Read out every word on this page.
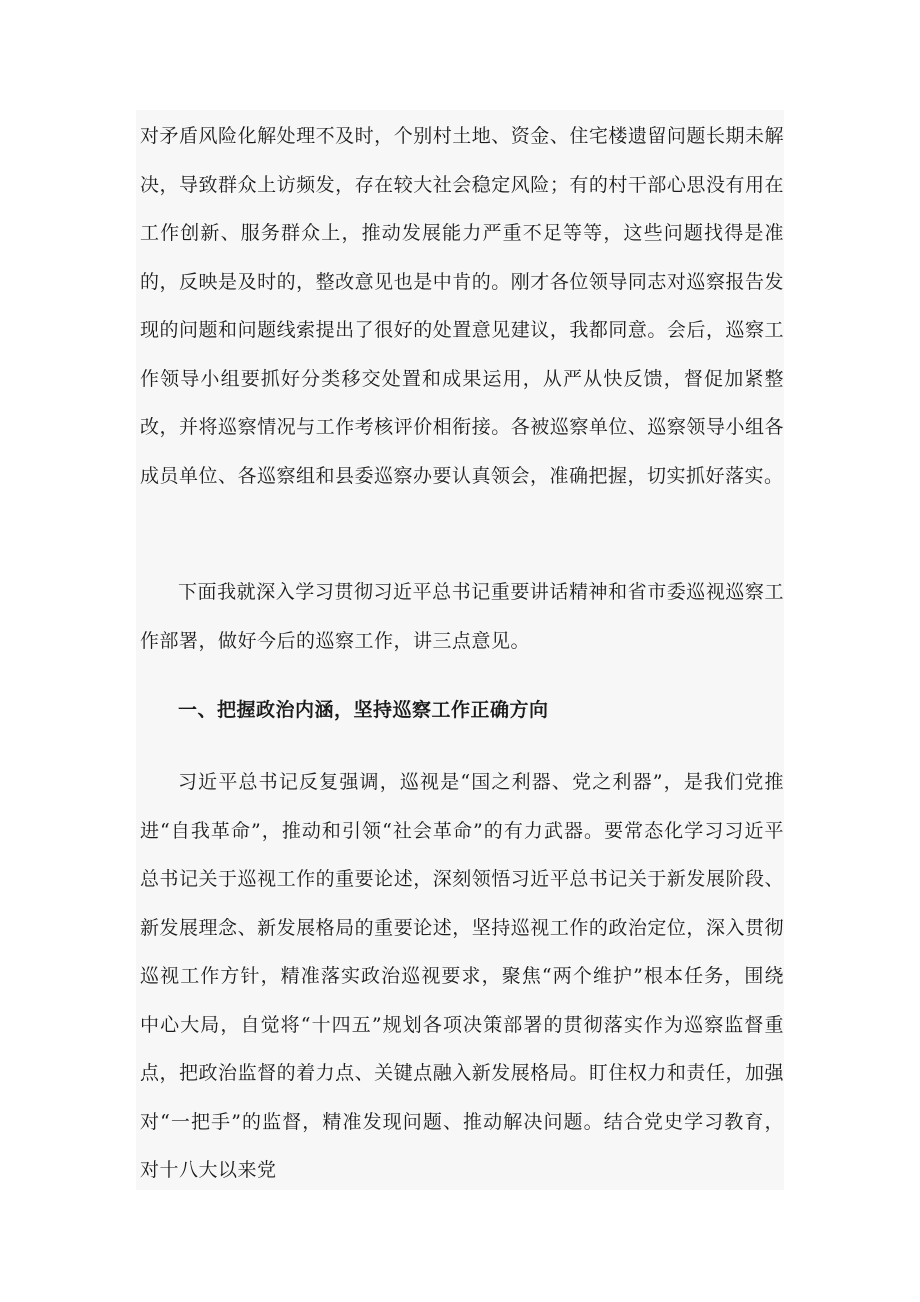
对矛盾风险化解处理不及时，个别村土地、资金、住宅楼遗留问题长期未解决，导致群众上访频发，存在较大社会稳定风险；有的村干部心思没有用在工作创新、服务群众上，推动发展能力严重不足等等，这些问题找得是准的，反映是及时的，整改意见也是中肯的。刚才各位领导同志对巡察报告发现的问题和问题线索提出了很好的处置意见建议，我都同意。会后，巡察工作领导小组要抓好分类移交处置和成果运用，从严从快反馈，督促加紧整改，并将巡察情况与工作考核评价相衔接。各被巡察单位、巡察领导小组各成员单位、各巡察组和县委巡察办要认真领会，准确把握，切实抓好落实。

下面我就深入学习贯彻习近平总书记重要讲话精神和省市委巡视巡察工作部署，做好今后的巡察工作，讲三点意见。

一、把握政治内涵，坚持巡察工作正确方向

习近平总书记反复强调，巡视是“国之利器、党之利器”，是我们党推进“自我革命”，推动和引领“社会革命”的有力武器。要常态化学习习近平总书记关于巡视工作的重要论述，深刻领悟习近平总书记关于新发展阶段、新发展理念、新发展格局的重要论述，坚持巡视工作的政治定位，深入贯彻巡视工作方针，精准落实政治巡视要求，聚焦“两个维护”根本任务，围绕中心大局，自觉将“十四五”规划各项决策部署的贯彻落实作为巡察监督重点，把政治监督的着力点、关键点融入新发展格局。盯住权力和责任，加强对“一把手”的监督，精准发现问题、推动解决问题。结合党史学习教育，对十八大以来党
